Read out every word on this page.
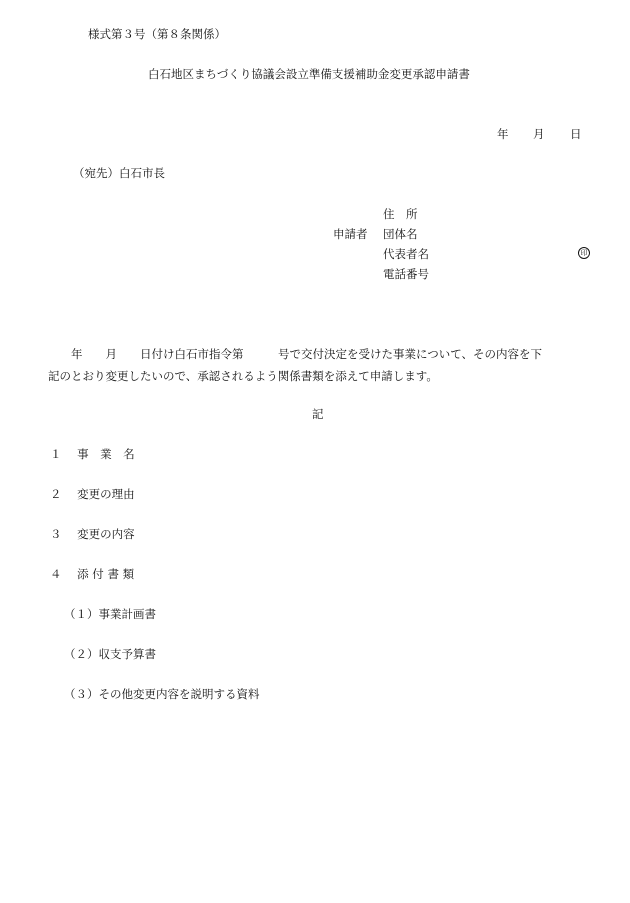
様式第３号（第８条関係）
白石地区まちづくり協議会設立準備支援補助金変更承認申請書
年 月 日
（宛先）白石市長
住　所
申請者 団体名
代表者名	印
電話番号

　　年　　月　　日付け白石市指令第　　　号で交付決定を受けた事業について、その内容を下

記のとおり変更したいので、承認されるよう関係書類を添えて申請します。

記
１ 事　業　名
２ 変更の理由
３ 変更の内容
４ 添 付 書 類
（１）事業計画書
（２）収支予算書
（３）その他変更内容を説明する資料
